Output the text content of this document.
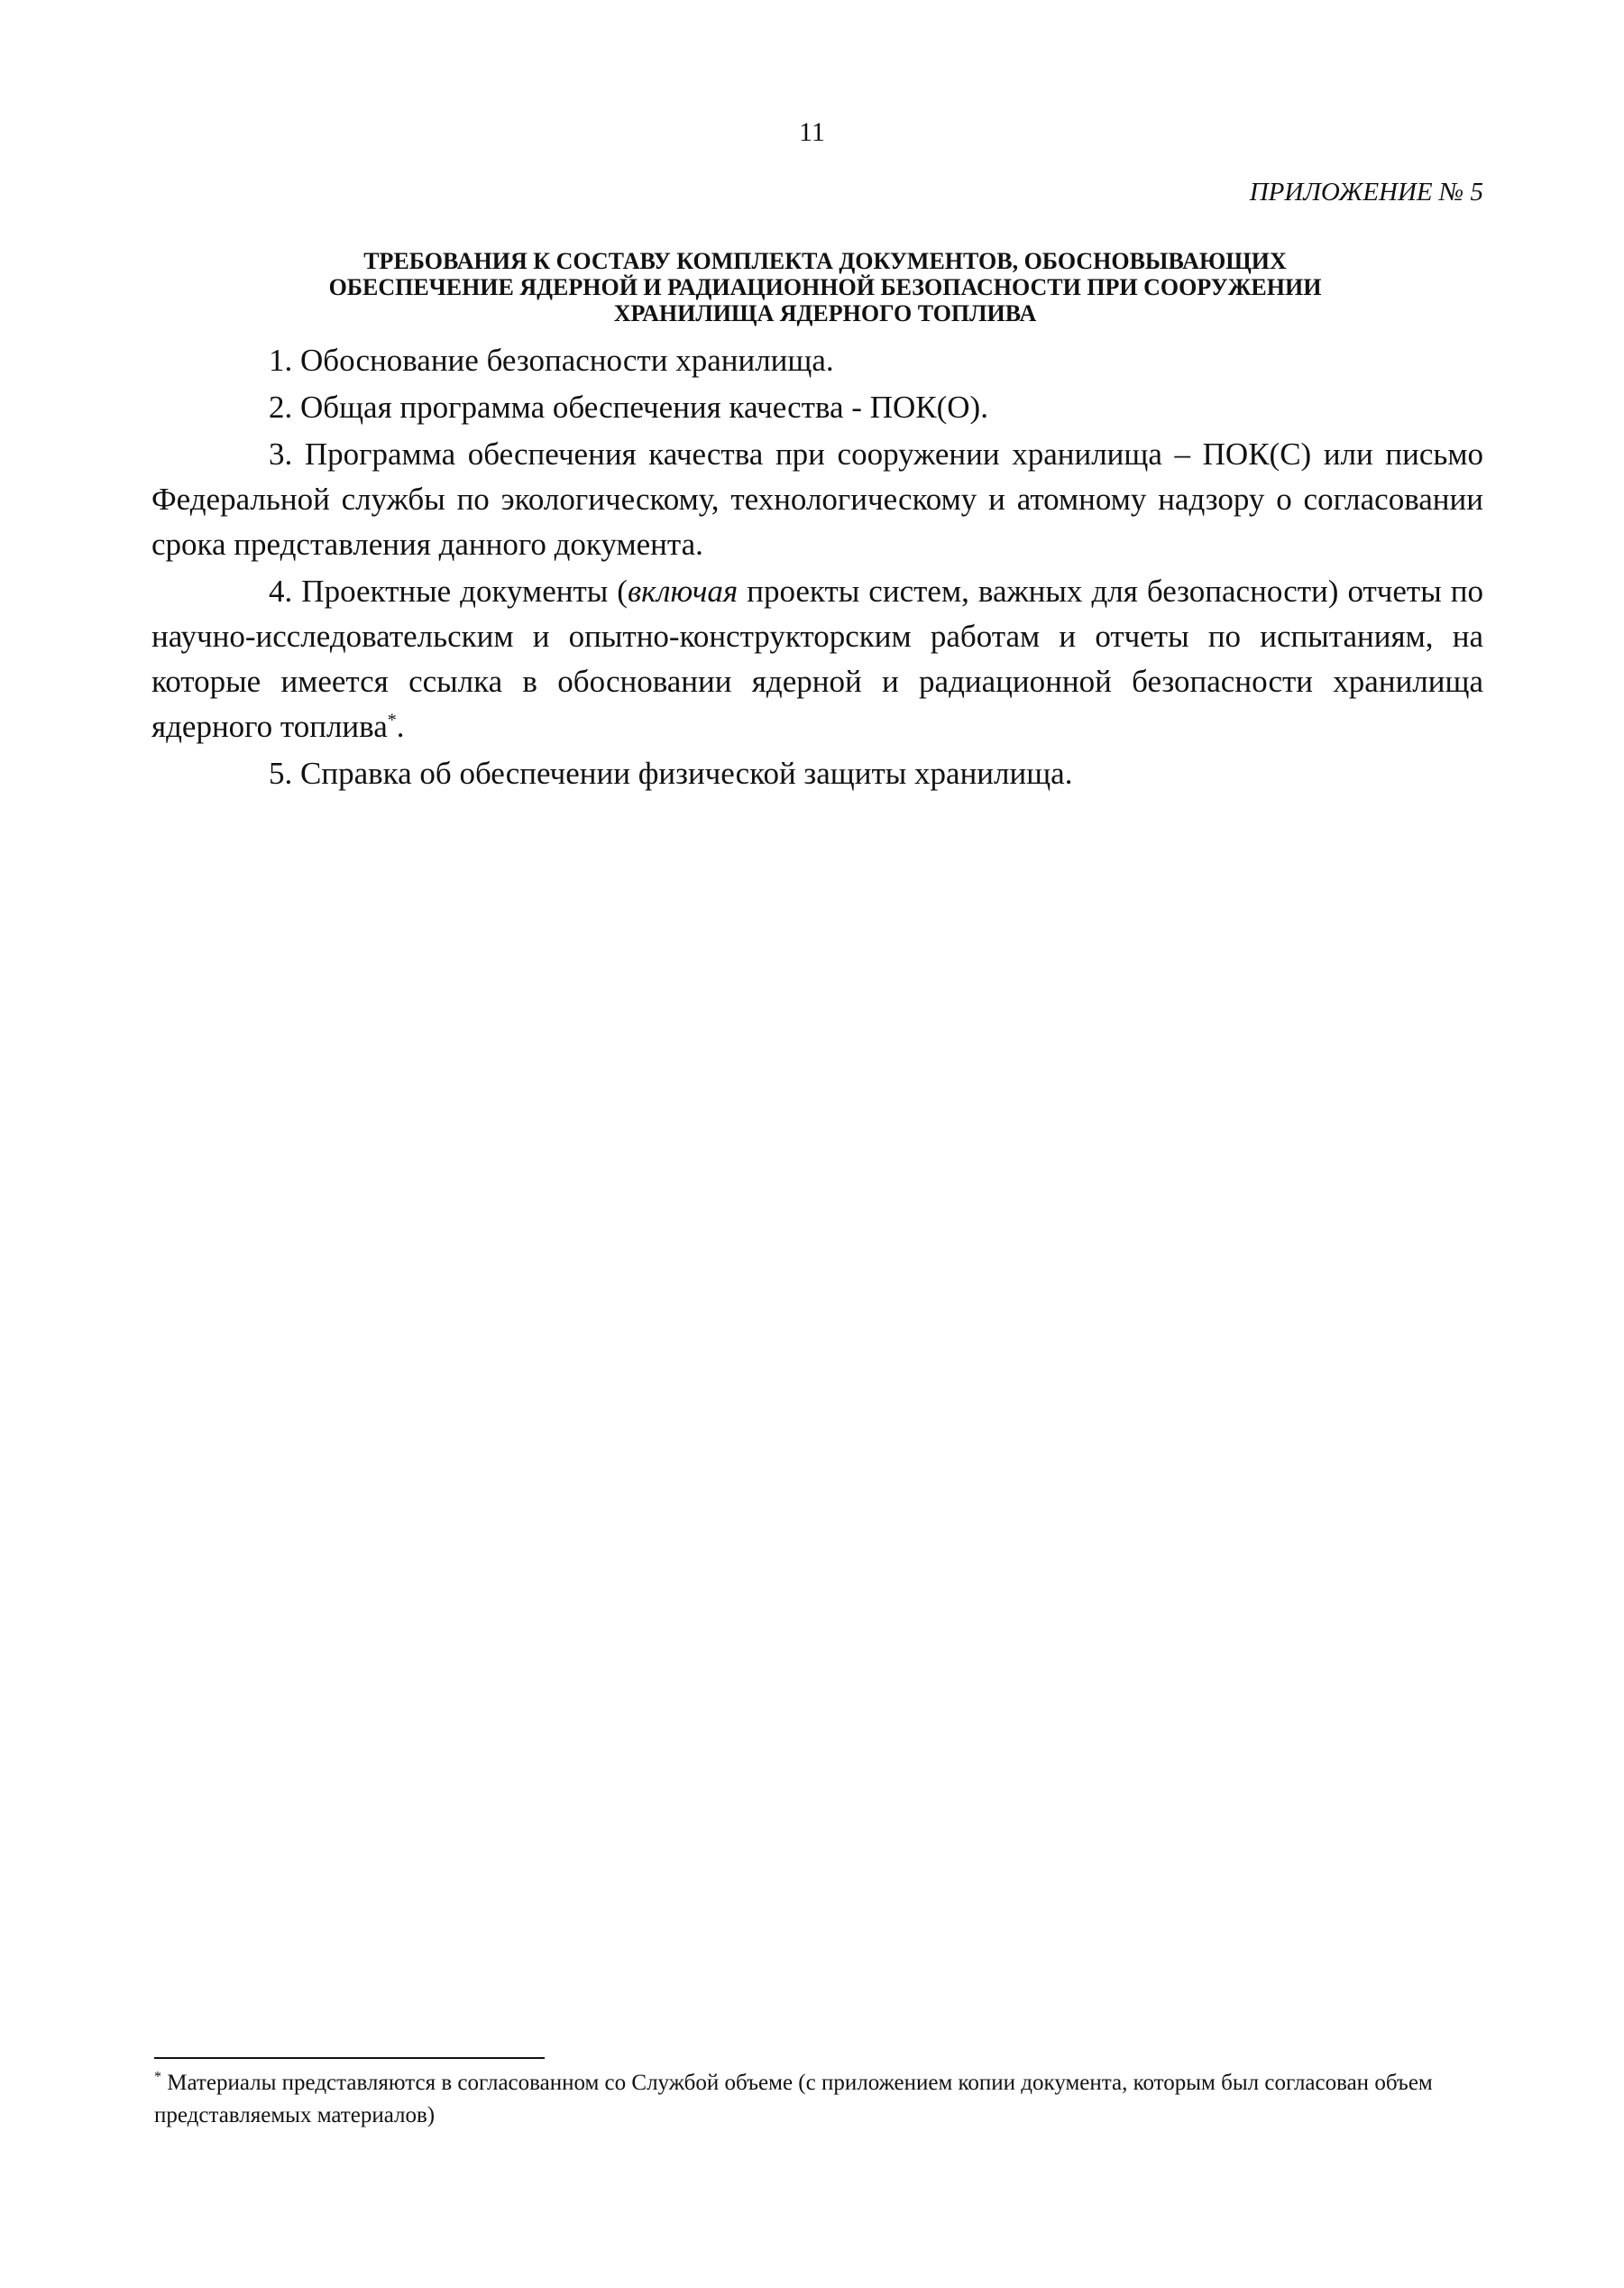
11
ПРИЛОЖЕНИЕ № 5
ТРЕБОВАНИЯ К СОСТАВУ КОМПЛЕКТА ДОКУМЕНТОВ, ОБОСНОВЫВАЮЩИХ
ОБЕСПЕЧЕНИЕ ЯДЕРНОЙ И РАДИАЦИОННОЙ БЕЗОПАСНОСТИ ПРИ СООРУЖЕНИИ
ХРАНИЛИЩА ЯДЕРНОГО ТОПЛИВА

1. Обоснование безопасности хранилища.

2. Общая программа обеспечения качества - ПОК(О).

3. Программа обеспечения качества при сооружении хранилища – ПОК(С) или письмо Федеральной службы по экологическому, технологическому и атомному надзору о согласовании срока представления данного документа.

4. Проектные документы (включая проекты систем, важных для безопасности) отчеты по научно-исследовательским и опытно-конструкторским работам и отчеты по испытаниям, на которые имеется ссылка в обосновании ядерной и радиационной безопасности хранилища ядерного топлива*.

5. Справка об обеспечении физической защиты хранилища.

* Материалы представляются в согласованном со Службой объеме (с приложением копии документа, которым был согласован объем представляемых материалов)
